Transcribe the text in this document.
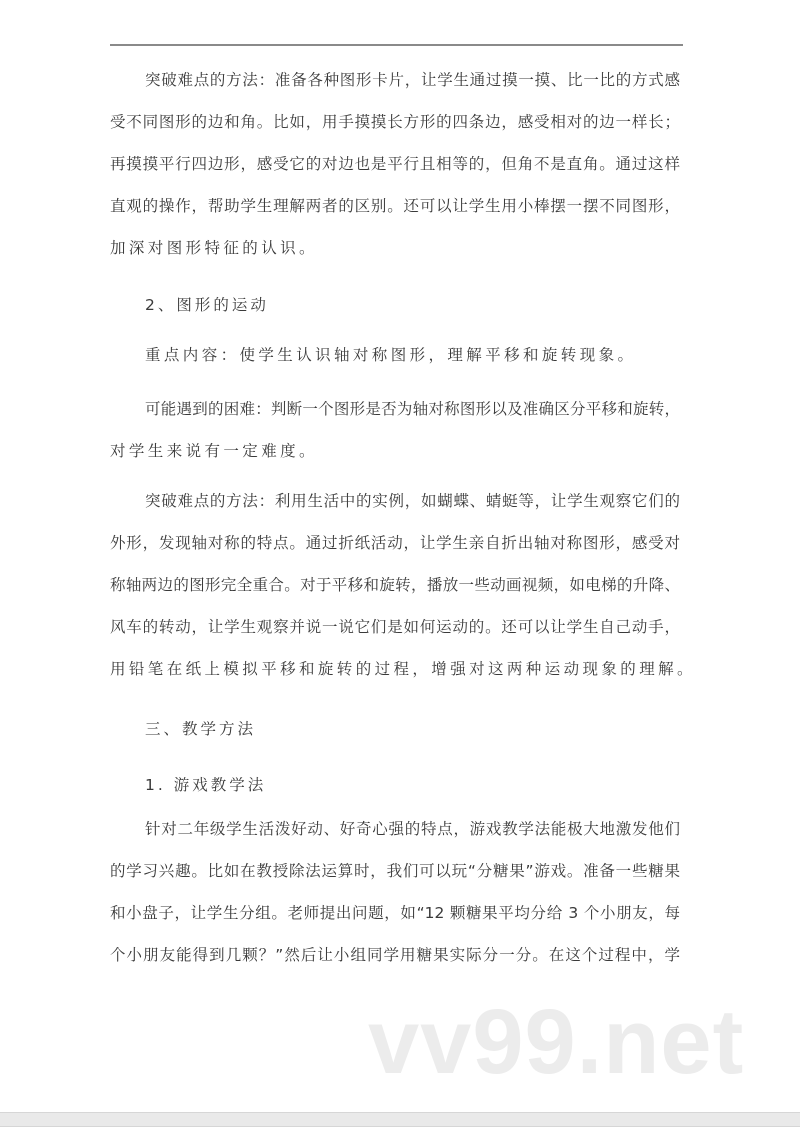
突破难点的方法：准备各种图形卡片，让学生通过摸一摸、比一比的方式感
受不同图形的边和角。比如，用手摸摸长方形的四条边，感受相对的边一样长；
再摸摸平行四边形，感受它的对边也是平行且相等的，但角不是直角。通过这样
直观的操作，帮助学生理解两者的区别。还可以让学生用小棒摆一摆不同图形，
加深对图形特征的认识。
2、图形的运动
重点内容：使学生认识轴对称图形，理解平移和旋转现象。
可能遇到的困难：判断一个图形是否为轴对称图形以及准确区分平移和旋转，
对学生来说有一定难度。
突破难点的方法：利用生活中的实例，如蝴蝶、蜻蜓等，让学生观察它们的
外形，发现轴对称的特点。通过折纸活动，让学生亲自折出轴对称图形，感受对
称轴两边的图形完全重合。对于平移和旋转，播放一些动画视频，如电梯的升降、
风车的转动，让学生观察并说一说它们是如何运动的。还可以让学生自己动手，
用铅笔在纸上模拟平移和旋转的过程，增强对这两种运动现象的理解。
三、教学方法
1. 游戏教学法
针对二年级学生活泼好动、好奇心强的特点，游戏教学法能极大地激发他们
的学习兴趣。比如在教授除法运算时，我们可以玩“分糖果”游戏。准备一些糖果
和小盘子，让学生分组。老师提出问题，如“12 颗糖果平均分给 3 个小朋友，每
个小朋友能得到几颗？”然后让小组同学用糖果实际分一分。在这个过程中，学
vv99.net
